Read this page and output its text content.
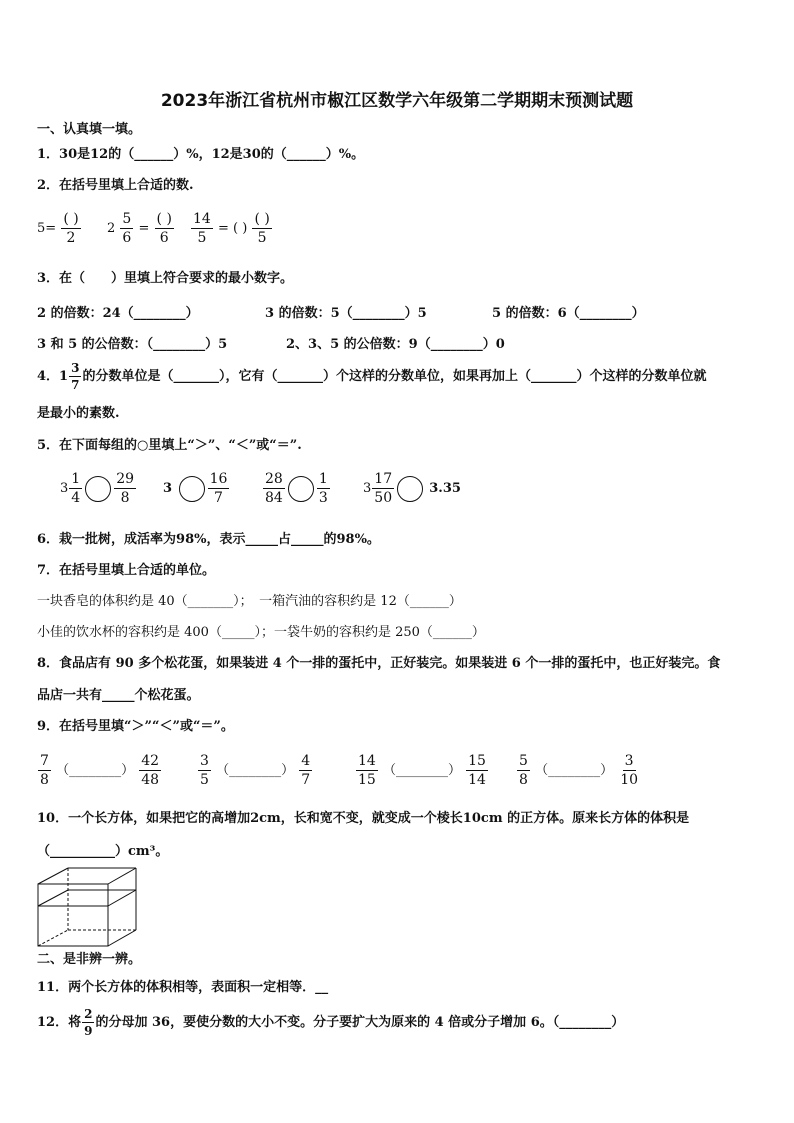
2023年浙江省杭州市椒江区数学六年级第二学期期末预测试题
一、认真填一填。
1．30是12的（______）%，12是30的（______）%。
2．在括号里填上合适的数.
$5= \frac{( )}{2} 2 \frac{5}{6} = \frac{( )}{6} \frac{14}{5}$ = ( ) $\frac{( )}{5}$
3．在（　　）里填上符合要求的最小数字。
2 的倍数：24（________）	3 的倍数：5（________）5	5 的倍数：6（________）
3 和 5 的公倍数：（________）5	2、3、5 的公倍数：9（________）0
4．$1 \frac{3}{7}$ 的分数单位是（_______），它有（_______）个这样的分数单位，如果再加上（_______）个这样的分数单位就
是最小的素数.
5．在下面每组的○里填上“＞”、“＜”或“＝”.
$3 \frac{1}{4} \frac{29}{8} 3$	$\frac{16}{7} \frac{28}{84} \frac{1}{3}$	$3 \frac{17}{50}$	3.35
6．栽一批树，成活率为98%，表示_____占_____的98%。
7．在括号里填上合适的单位。
一块香皂的体积约是 40（_______）；　一箱汽油的容积约是 12（______）
小佳的饮水杯的容积约是 400（_____）；一袋牛奶的容积约是 250（______）
8．食品店有 90 多个松花蛋，如果装进 4 个一排的蛋托中，正好装完。如果装进 6 个一排的蛋托中，也正好装完。食
品店一共有_____个松花蛋。
9．在括号里填“＞”“＜”或“＝”。
$\frac{7}{8}$ （________） $\frac{42}{48}$	$\frac{3}{5}$ （________） $\frac{4}{7}$	$\frac{14}{15}$ （________） $\frac{15}{14} \frac{5}{8}$ （________） $\frac{3}{10}$
10．一个长方体，如果把它的高增加2cm，长和宽不变，就变成一个棱长10cm 的正方体。原来长方体的体积是
（__________）cm³。
二、是非辨一辨。
11．两个长方体的体积相等，表面积一定相等．__
12．将 $\frac{2}{9}$ 的分母加 36，要使分数的大小不变。分子要扩大为原来的 4 倍或分子增加 6。（________）
